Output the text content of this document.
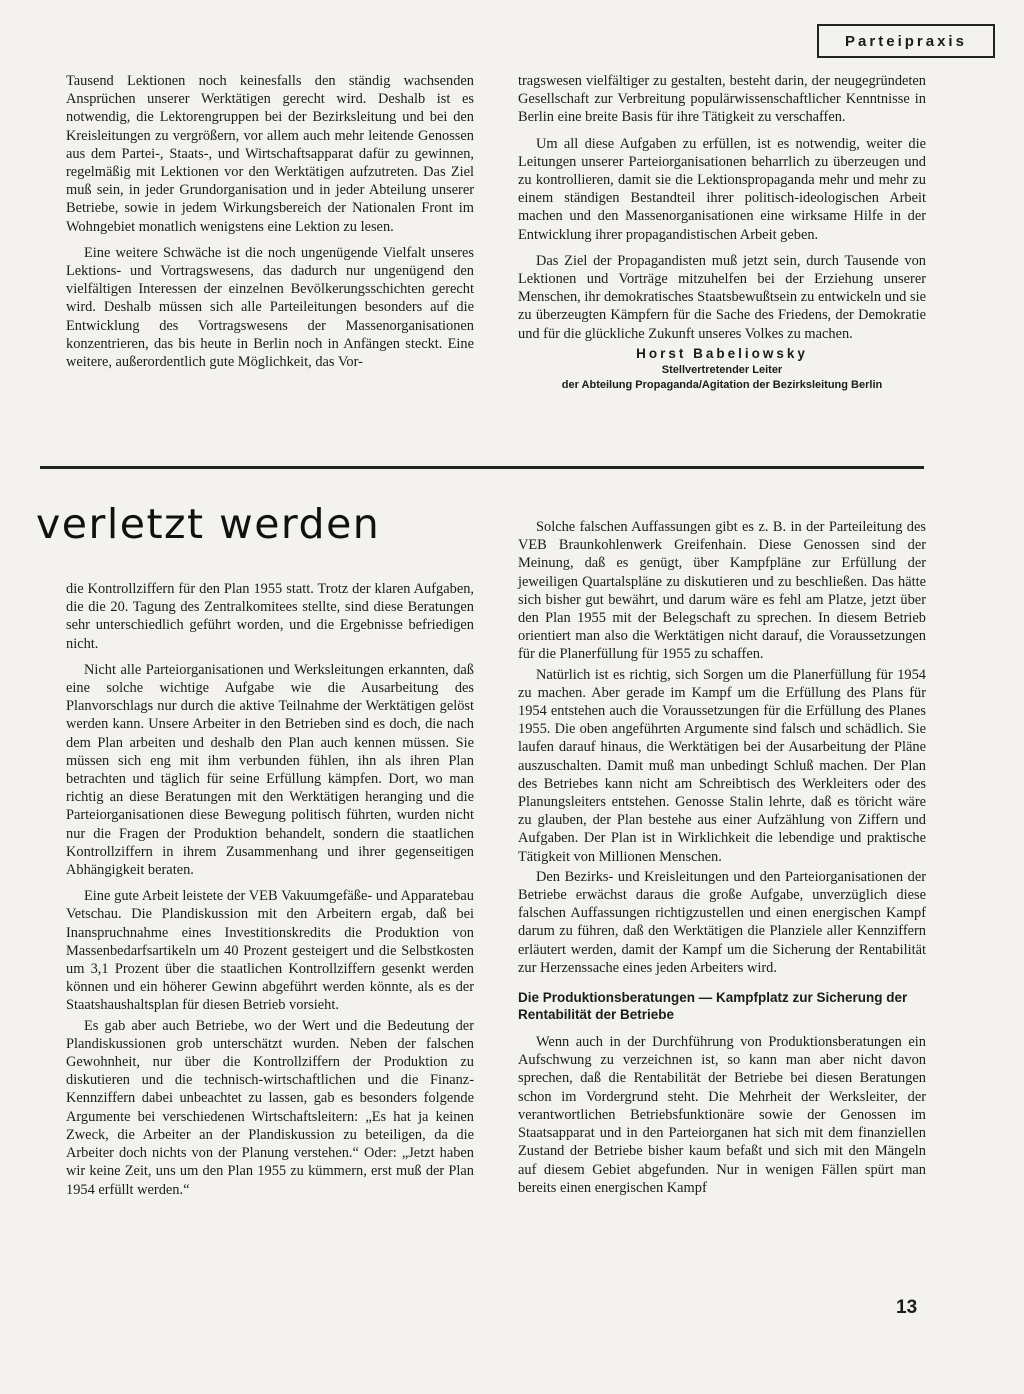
Parteipraxis

Tausend Lektionen noch keinesfalls den ständig wachsenden Ansprüchen unserer Werktätigen gerecht wird. Deshalb ist es notwendig, die Lektorengruppen bei der Bezirksleitung und bei den Kreisleitungen zu vergrößern, vor allem auch mehr leitende Genossen aus dem Partei-, Staats-, und Wirtschaftsapparat dafür zu gewinnen, regelmäßig mit Lektionen vor den Werktätigen aufzutreten. Das Ziel muß sein, in jeder Grundorganisation und in jeder Abteilung unserer Betriebe, sowie in jedem Wirkungsbereich der Nationalen Front im Wohngebiet monatlich wenigstens eine Lektion zu lesen.

Eine weitere Schwäche ist die noch ungenügende Vielfalt unseres Lektions- und Vortragswesens, das dadurch nur ungenügend den vielfältigen Interessen der einzelnen Bevölkerungsschichten gerecht wird. Deshalb müssen sich alle Parteileitungen besonders auf die Entwicklung des Vortragswesens der Massenorganisationen konzentrieren, das bis heute in Berlin noch in Anfängen steckt. Eine weitere, außerordentlich gute Möglichkeit, das Vor-

tragswesen vielfältiger zu gestalten, besteht darin, der neugegründeten Gesellschaft zur Verbreitung populärwissenschaftlicher Kenntnisse in Berlin eine breite Basis für ihre Tätigkeit zu verschaffen.

Um all diese Aufgaben zu erfüllen, ist es notwendig, weiter die Leitungen unserer Parteiorganisationen beharrlich zu überzeugen und zu kontrollieren, damit sie die Lektionspropaganda mehr und mehr zu einem ständigen Bestandteil ihrer politisch-ideologischen Arbeit machen und den Massenorganisationen eine wirksame Hilfe in der Entwicklung ihrer propagandistischen Arbeit geben.

Das Ziel der Propagandisten muß jetzt sein, durch Tausende von Lektionen und Vorträge mitzuhelfen bei der Erziehung unserer Menschen, ihr demokratisches Staatsbewußtsein zu entwickeln und sie zu überzeugten Kämpfern für die Sache des Friedens, der Demokratie und für die glückliche Zukunft unseres Volkes zu machen.

Horst Babeliowsky
Stellvertretender Leiter
der Abteilung Propaganda/Agitation der Bezirksleitung Berlin
verletzt werden

die Kontrollziffern für den Plan 1955 statt. Trotz der klaren Aufgaben, die die 20. Tagung des Zentralkomitees stellte, sind diese Beratungen sehr unterschiedlich geführt worden, und die Ergebnisse befriedigen nicht.

Nicht alle Parteiorganisationen und Werksleitungen erkannten, daß eine solche wichtige Aufgabe wie die Ausarbeitung des Planvorschlags nur durch die aktive Teilnahme der Werktätigen gelöst werden kann. Unsere Arbeiter in den Betrieben sind es doch, die nach dem Plan arbeiten und deshalb den Plan auch kennen müssen. Sie müssen sich eng mit ihm verbunden fühlen, ihn als ihren Plan betrachten und täglich für seine Erfüllung kämpfen. Dort, wo man richtig an diese Beratungen mit den Werktätigen heranging und die Parteiorganisationen diese Bewegung politisch führten, wurden nicht nur die Fragen der Produktion behandelt, sondern die staatlichen Kontrollziffern in ihrem Zusammenhang und ihrer gegenseitigen Abhängigkeit beraten.

Eine gute Arbeit leistete der VEB Vakuumgefäße- und Apparatebau Vetschau. Die Plandiskussion mit den Arbeitern ergab, daß bei Inanspruchnahme eines Investitionskredits die Produktion von Massenbedarfsartikeln um 40 Prozent gesteigert und die Selbstkosten um 3,1 Prozent über die staatlichen Kontrollziffern gesenkt werden können und ein höherer Gewinn abgeführt werden könnte, als es der Staatshaushaltsplan für diesen Betrieb vorsieht.

Es gab aber auch Betriebe, wo der Wert und die Bedeutung der Plandiskussionen grob unterschätzt wurden. Neben der falschen Gewohnheit, nur über die Kontrollziffern der Produktion zu diskutieren und die technisch-wirtschaftlichen und die Finanz-Kennziffern dabei unbeachtet zu lassen, gab es besonders folgende Argumente bei verschiedenen Wirtschaftsleitern: „Es hat ja keinen Zweck, die Arbeiter an der Plandiskussion zu beteiligen, da die Arbeiter doch nichts von der Planung verstehen.“ Oder: „Jetzt haben wir keine Zeit, uns um den Plan 1955 zu kümmern, erst muß der Plan 1954 erfüllt werden.“

Solche falschen Auffassungen gibt es z. B. in der Parteileitung des VEB Braunkohlenwerk Greifenhain. Diese Genossen sind der Meinung, daß es genügt, über Kampfpläne zur Erfüllung der jeweiligen Quartalspläne zu diskutieren und zu beschließen. Das hätte sich bisher gut bewährt, und darum wäre es fehl am Platze, jetzt über den Plan 1955 mit der Belegschaft zu sprechen. In diesem Betrieb orientiert man also die Werktätigen nicht darauf, die Voraussetzungen für die Planerfüllung für 1955 zu schaffen.

Natürlich ist es richtig, sich Sorgen um die Planerfüllung für 1954 zu machen. Aber gerade im Kampf um die Erfüllung des Plans für 1954 entstehen auch die Voraussetzungen für die Erfüllung des Planes 1955. Die oben angeführten Argumente sind falsch und schädlich. Sie laufen darauf hinaus, die Werktätigen bei der Ausarbeitung der Pläne auszuschalten. Damit muß man unbedingt Schluß machen. Der Plan des Betriebes kann nicht am Schreibtisch des Werkleiters oder des Planungsleiters entstehen. Genosse Stalin lehrte, daß es töricht wäre zu glauben, der Plan bestehe aus einer Aufzählung von Ziffern und Aufgaben. Der Plan ist in Wirklichkeit die lebendige und praktische Tätigkeit von Millionen Menschen.

Den Bezirks- und Kreisleitungen und den Parteiorganisationen der Betriebe erwächst daraus die große Aufgabe, unverzüglich diese falschen Auffassungen richtigzustellen und einen energischen Kampf darum zu führen, daß den Werktätigen die Planziele aller Kennziffern erläutert werden, damit der Kampf um die Sicherung der Rentabilität zur Herzenssache eines jeden Arbeiters wird.

Die Produktionsberatungen — Kampfplatz zur Sicherung der Rentabilität der Betriebe

Wenn auch in der Durchführung von Produktionsberatungen ein Aufschwung zu verzeichnen ist, so kann man aber nicht davon sprechen, daß die Rentabilität der Betriebe bei diesen Beratungen schon im Vordergrund steht. Die Mehrheit der Werksleiter, der verantwortlichen Betriebsfunktionäre sowie der Genossen im Staatsapparat und in den Parteiorganen hat sich mit dem finanziellen Zustand der Betriebe bisher kaum befaßt und sich mit den Mängeln auf diesem Gebiet abgefunden. Nur in wenigen Fällen spürt man bereits einen energischen Kampf

13
